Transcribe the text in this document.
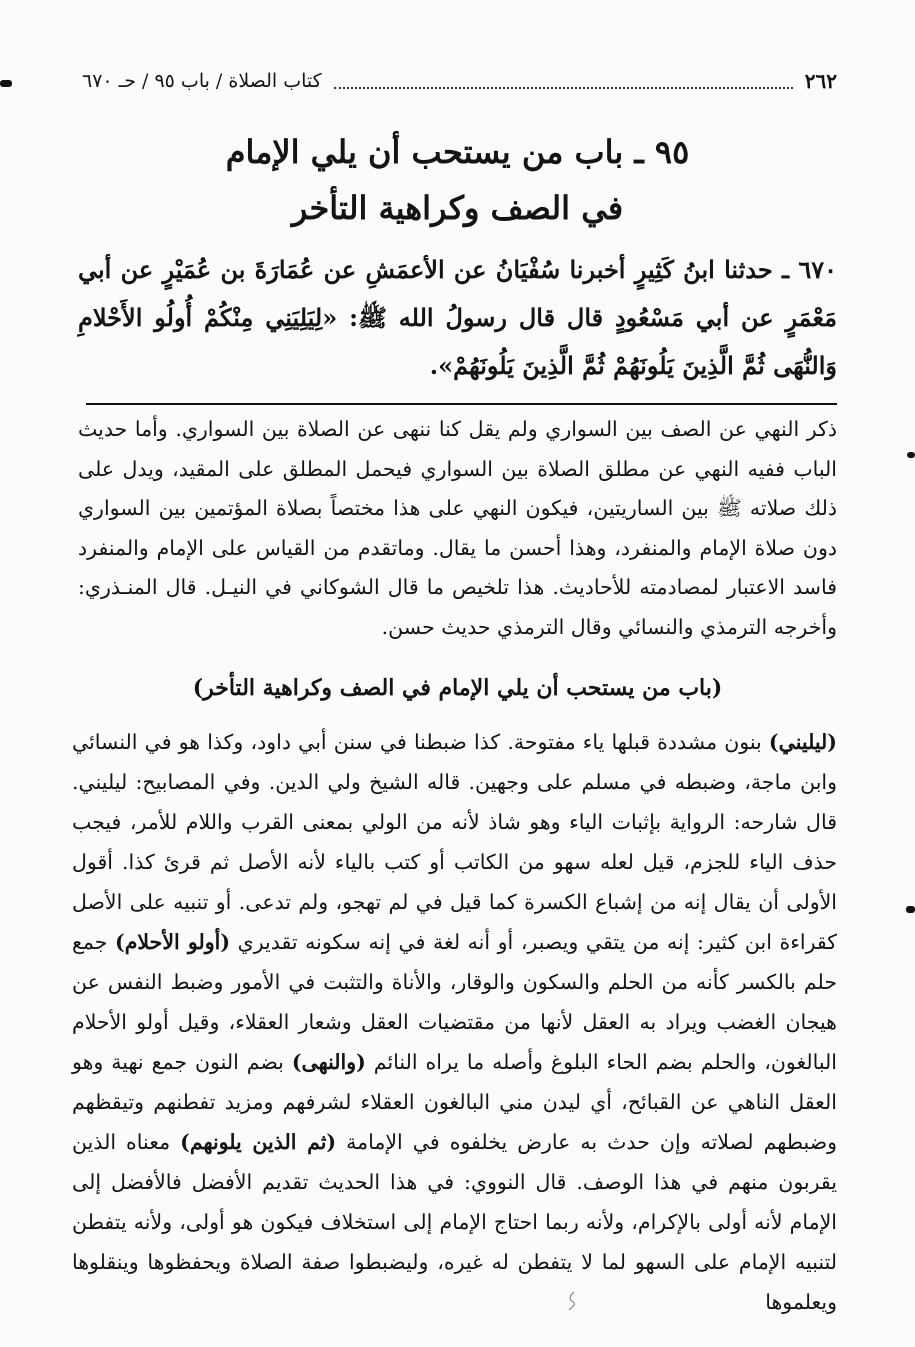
٢٦٢
كتاب الصلاة / باب ٩٥ / حـ ٦٧٠
٩٥ ـ باب من يستحب أن يلي الإمام
في الصف وكراهية التأخر
٦٧٠ ـ حدثنا ابنُ كَثِيرٍ أخبرنا سُفْيَانُ عن الأعمَشِ عن عُمَارَةَ بن عُمَيْرٍ عن أبي مَعْمَرٍ عن أبي مَسْعُودٍ قال قال رسولُ الله ﷺ: «لِيَلِيَنِي مِنْكُمْ أُولُو الأَحْلامِ وَالنُّهَى ثُمَّ الَّذِينَ يَلُونَهُمْ ثُمَّ الَّذِينَ يَلُونَهُمْ».
ذكر النهي عن الصف بين السواري ولم يقل كنا ننهى عن الصلاة بين السواري. وأما حديث الباب ففيه النهي عن مطلق الصلاة بين السواري فيحمل المطلق على المقيد، ويدل على ذلك صلاته ﷺ بين الساريتين، فيكون النهي على هذا مختصاً بصلاة المؤتمين بين السواري دون صلاة الإمام والمنفرد، وهذا أحسن ما يقال. وماتقدم من القياس على الإمام والمنفرد فاسد الاعتبار لمصادمته للأحاديث. هذا تلخيص ما قال الشوكاني في النيـل. قال المنـذري: وأخرجه الترمذي والنسائي وقال الترمذي حديث حسن.
(باب من يستحب أن يلي الإمام في الصف وكراهية التأخر)
(ليليني) بنون مشددة قبلها ياء مفتوحة. كذا ضبطنا في سنن أبي داود، وكذا هو في النسائي وابن ماجة، وضبطه في مسلم على وجهين. قاله الشيخ ولي الدين. وفي المصابيح: ليليني. قال شارحه: الرواية بإثبات الياء وهو شاذ لأنه من الولي بمعنى القرب واللام للأمر، فيجب حذف الياء للجزم، قيل لعله سهو من الكاتب أو كتب بالياء لأنه الأصل ثم قرئ كذا. أقول الأولى أن يقال إنه من إشباع الكسرة كما قيل في لم تهجو، ولم تدعى. أو تنبيه على الأصل كقراءة ابن كثير: إنه من يتقي ويصبر، أو أنه لغة في إنه سكونه تقديري (أولو الأحلام) جمع حلم بالكسر كأنه من الحلم والسكون والوقار، والأناة والتثبت في الأمور وضبط النفس عن هيجان الغضب ويراد به العقل لأنها من مقتضيات العقل وشعار العقلاء، وقيل أولو الأحلام البالغون، والحلم بضم الحاء البلوغ وأصله ما يراه النائم (والنهى) بضم النون جمع نهية وهو العقل الناهي عن القبائح، أي ليدن مني البالغون العقلاء لشرفهم ومزيد تفطنهم وتيقظهم وضبطهم لصلاته وإن حدث به عارض يخلفوه في الإمامة (ثم الذين يلونهم) معناه الذين يقربون منهم في هذا الوصف. قال النووي: في هذا الحديث تقديم الأفضل فالأفضل إلى الإمام لأنه أولى بالإكرام، ولأنه ربما احتاج الإمام إلى استخلاف فيكون هو أولى، ولأنه يتفطن لتنبيه الإمام على السهو لما لا يتفطن له غيره، وليضبطوا صفة الصلاة ويحفظوها وينقلوها ويعلموها
